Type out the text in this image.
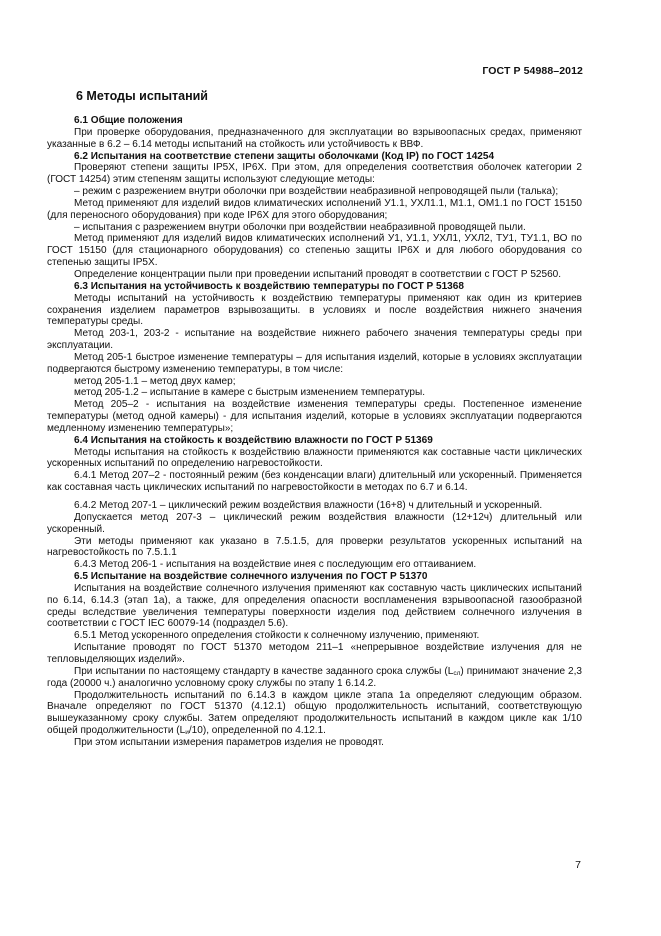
ГОСТ Р 54988–2012
6 Методы испытаний

6.1 Общие положения

При проверке оборудования, предназначенного для эксплуатации во взрывоопасных средах, применяют указанные в 6.2 – 6.14 методы испытаний на стойкость или устойчивость к ВВФ.

6.2 Испытания на соответствие степени защиты оболочками (Код IP) по ГОСТ 14254

Проверяют степени защиты IP5X, IP6X. При этом, для определения соответствия оболочек категории 2 (ГОСТ 14254) этим степеням защиты используют следующие методы:

– режим с разрежением внутри оболочки при воздействии неабразивной непроводящей пыли (талька);

Метод применяют для изделий видов климатических исполнений У1.1, УХЛ1.1, М1.1, ОМ1.1 по ГОСТ 15150 (для переносного оборудования) при коде IP6X для этого оборудования;

– испытания с разрежением внутри оболочки при воздействии неабразивной проводящей пыли.

Метод применяют для изделий видов климатических исполнений У1, У1.1, УХЛ1, УХЛ2, ТУ1, ТУ1.1, ВО по ГОСТ 15150 (для стационарного оборудования) со степенью защиты IP6X и для любого оборудования со степенью защиты IP5X.

Определение концентрации пыли при проведении испытаний проводят в соответствии с ГОСТ Р 52560.

6.3 Испытания на устойчивость к воздействию температуры по ГОСТ Р 51368

Методы испытаний на устойчивость к воздействию температуры применяют как один из критериев сохранения изделием параметров взрывозащиты. в условиях и после воздействия нижнего значения температуры среды.

Метод 203-1, 203-2 - испытание на воздействие нижнего рабочего значения температуры среды при эксплуатации.

Метод 205-1 быстрое изменение температуры – для испытания изделий, которые в условиях эксплуатации подвергаются быстрому изменению температуры, в том числе:

метод 205-1.1 – метод двух камер;

метод 205-1.2 – испытание в камере с быстрым изменением температуры.

Метод 205–2 - испытания на воздействие изменения температуры среды. Постепенное изменение температуры (метод одной камеры) - для испытания изделий, которые в условиях эксплуатации подвергаются медленному изменению температуры»;

6.4 Испытания на стойкость к воздействию влажности по ГОСТ Р 51369

Методы испытания на стойкость к воздействию влажности применяются как составные части циклических ускоренных испытаний по определению нагревостойкости.

6.4.1 Метод 207–2 - постоянный режим (без конденсации влаги) длительный или ускоренный. Применяется как составная часть циклических испытаний по нагревостойкости в методах по 6.7 и 6.14.

6.4.2 Метод 207-1 – циклический режим воздействия влажности (16+8) ч длительный и ускоренный.

Допускается метод 207-3 – циклический режим воздействия влажности (12+12ч) длительный или ускоренный.

Эти методы применяют как указано в 7.5.1.5, для проверки результатов ускоренных испытаний на нагревостойкость по 7.5.1.1

6.4.3 Метод 206-1 - испытания на воздействие инея с последующим его оттаиванием.

6.5 Испытание на воздействие солнечного излучения по ГОСТ Р 51370

Испытания на воздействие солнечного излучения применяют как составную часть циклических испытаний по 6.14, 6.14.3 (этап 1а), а также, для определения опасности воспламенения взрывоопасной газообразной среды вследствие увеличения температуры поверхности изделия под действием солнечного излучения в соответствии с ГОСТ IEC 60079-14 (подраздел 5.6).

6.5.1 Метод ускоренного определения стойкости к солнечному излучению, применяют.

Испытание проводят по ГОСТ 51370 методом 211–1 «непрерывное воздействие излучения для не тепловыделяющих изделий».

При испытании по настоящему стандарту в качестве заданного срока службы $(L_{сл})$ принимают значение 2,3 года (20000 ч.) аналогично условному сроку службы по этапу 1 6.14.2.

Продолжительность испытаний по 6.14.3 в каждом цикле этапа 1а определяют следующим образом. Вначале определяют по ГОСТ 51370 (4.12.1) общую продолжительность испытаний, соответствующую вышеуказанному сроку службы. Затем определяют продолжительность испытаний в каждом цикле как 1/10 общей продолжительности $(L_и/10)$, определенной по 4.12.1.

При этом испытании измерения параметров изделия не проводят.

7
